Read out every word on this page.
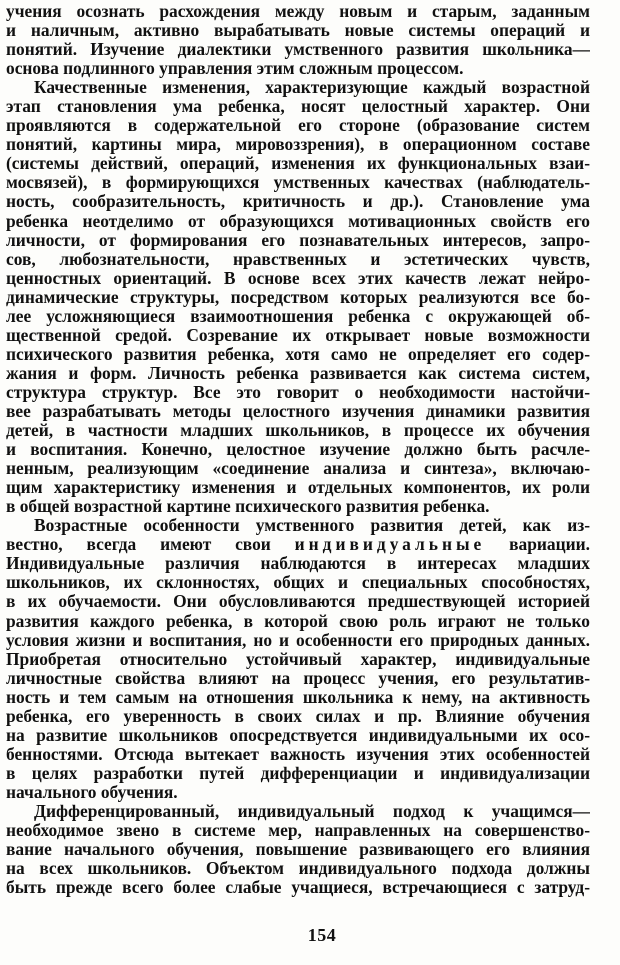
учения осознать расхождения между новым и старым, заданным
и наличным, активно вырабатывать новые системы операций и
понятий. Изучение диалектики умственного развития школьника—
основа подлинного управления этим сложным процессом.
Качественные изменения, характеризующие каждый возрастной
этап становления ума ребенка, носят целостный характер. Они
проявляются в содержательной его стороне (образование систем
понятий, картины мира, мировоззрения), в операционном составе
(системы действий, операций, изменения их функциональных взаи-
мосвязей), в формирующихся умственных качествах (наблюдатель-
ность, сообразительность, критичность и др.). Становление ума
ребенка неотделимо от образующихся мотивационных свойств его
личности, от формирования его познавательных интересов, запро-
сов, любознательности, нравственных и эстетических чувств,
ценностных ориентаций. В основе всех этих качеств лежат нейро-
динамические структуры, посредством которых реализуются все бо-
лее усложняющиеся взаимоотношения ребенка с окружающей об-
щественной средой. Созревание их открывает новые возможности
психического развития ребенка, хотя само не определяет его содер-
жания и форм. Личность ребенка развивается как система систем,
структура структур. Все это говорит о необходимости настойчи-
вее разрабатывать методы целостного изучения динамики развития
детей, в частности младших школьников, в процессе их обучения
и воспитания. Конечно, целостное изучение должно быть расчле-
ненным, реализующим «соединение анализа и синтеза», включаю-
щим характеристику изменения и отдельных компонентов, их роли
в общей возрастной картине психического развития ребенка.
Возрастные особенности умственного развития детей, как из-
вестно, всегда имеют свои индивидуальные вариации.
Индивидуальные различия наблюдаются в интересах младших
школьников, их склонностях, общих и специальных способностях,
в их обучаемости. Они обусловливаются предшествующей историей
развития каждого ребенка, в которой свою роль играют не только
условия жизни и воспитания, но и особенности его природных данных.
Приобретая относительно устойчивый характер, индивидуальные
личностные свойства влияют на процесс учения, его результатив-
ность и тем самым на отношения школьника к нему, на активность
ребенка, его уверенность в своих силах и пр. Влияние обучения
на развитие школьников опосредствуется индивидуальными их осо-
бенностями. Отсюда вытекает важность изучения этих особенностей
в целях разработки путей дифференциации и индивидуализации
начального обучения.
Дифференцированный, индивидуальный подход к учащимся—
необходимое звено в системе мер, направленных на совершенство-
вание начального обучения, повышение развивающего его влияния
на всех школьников. Объектом индивидуального подхода должны
быть прежде всего более слабые учащиеся, встречающиеся с затруд-
154
